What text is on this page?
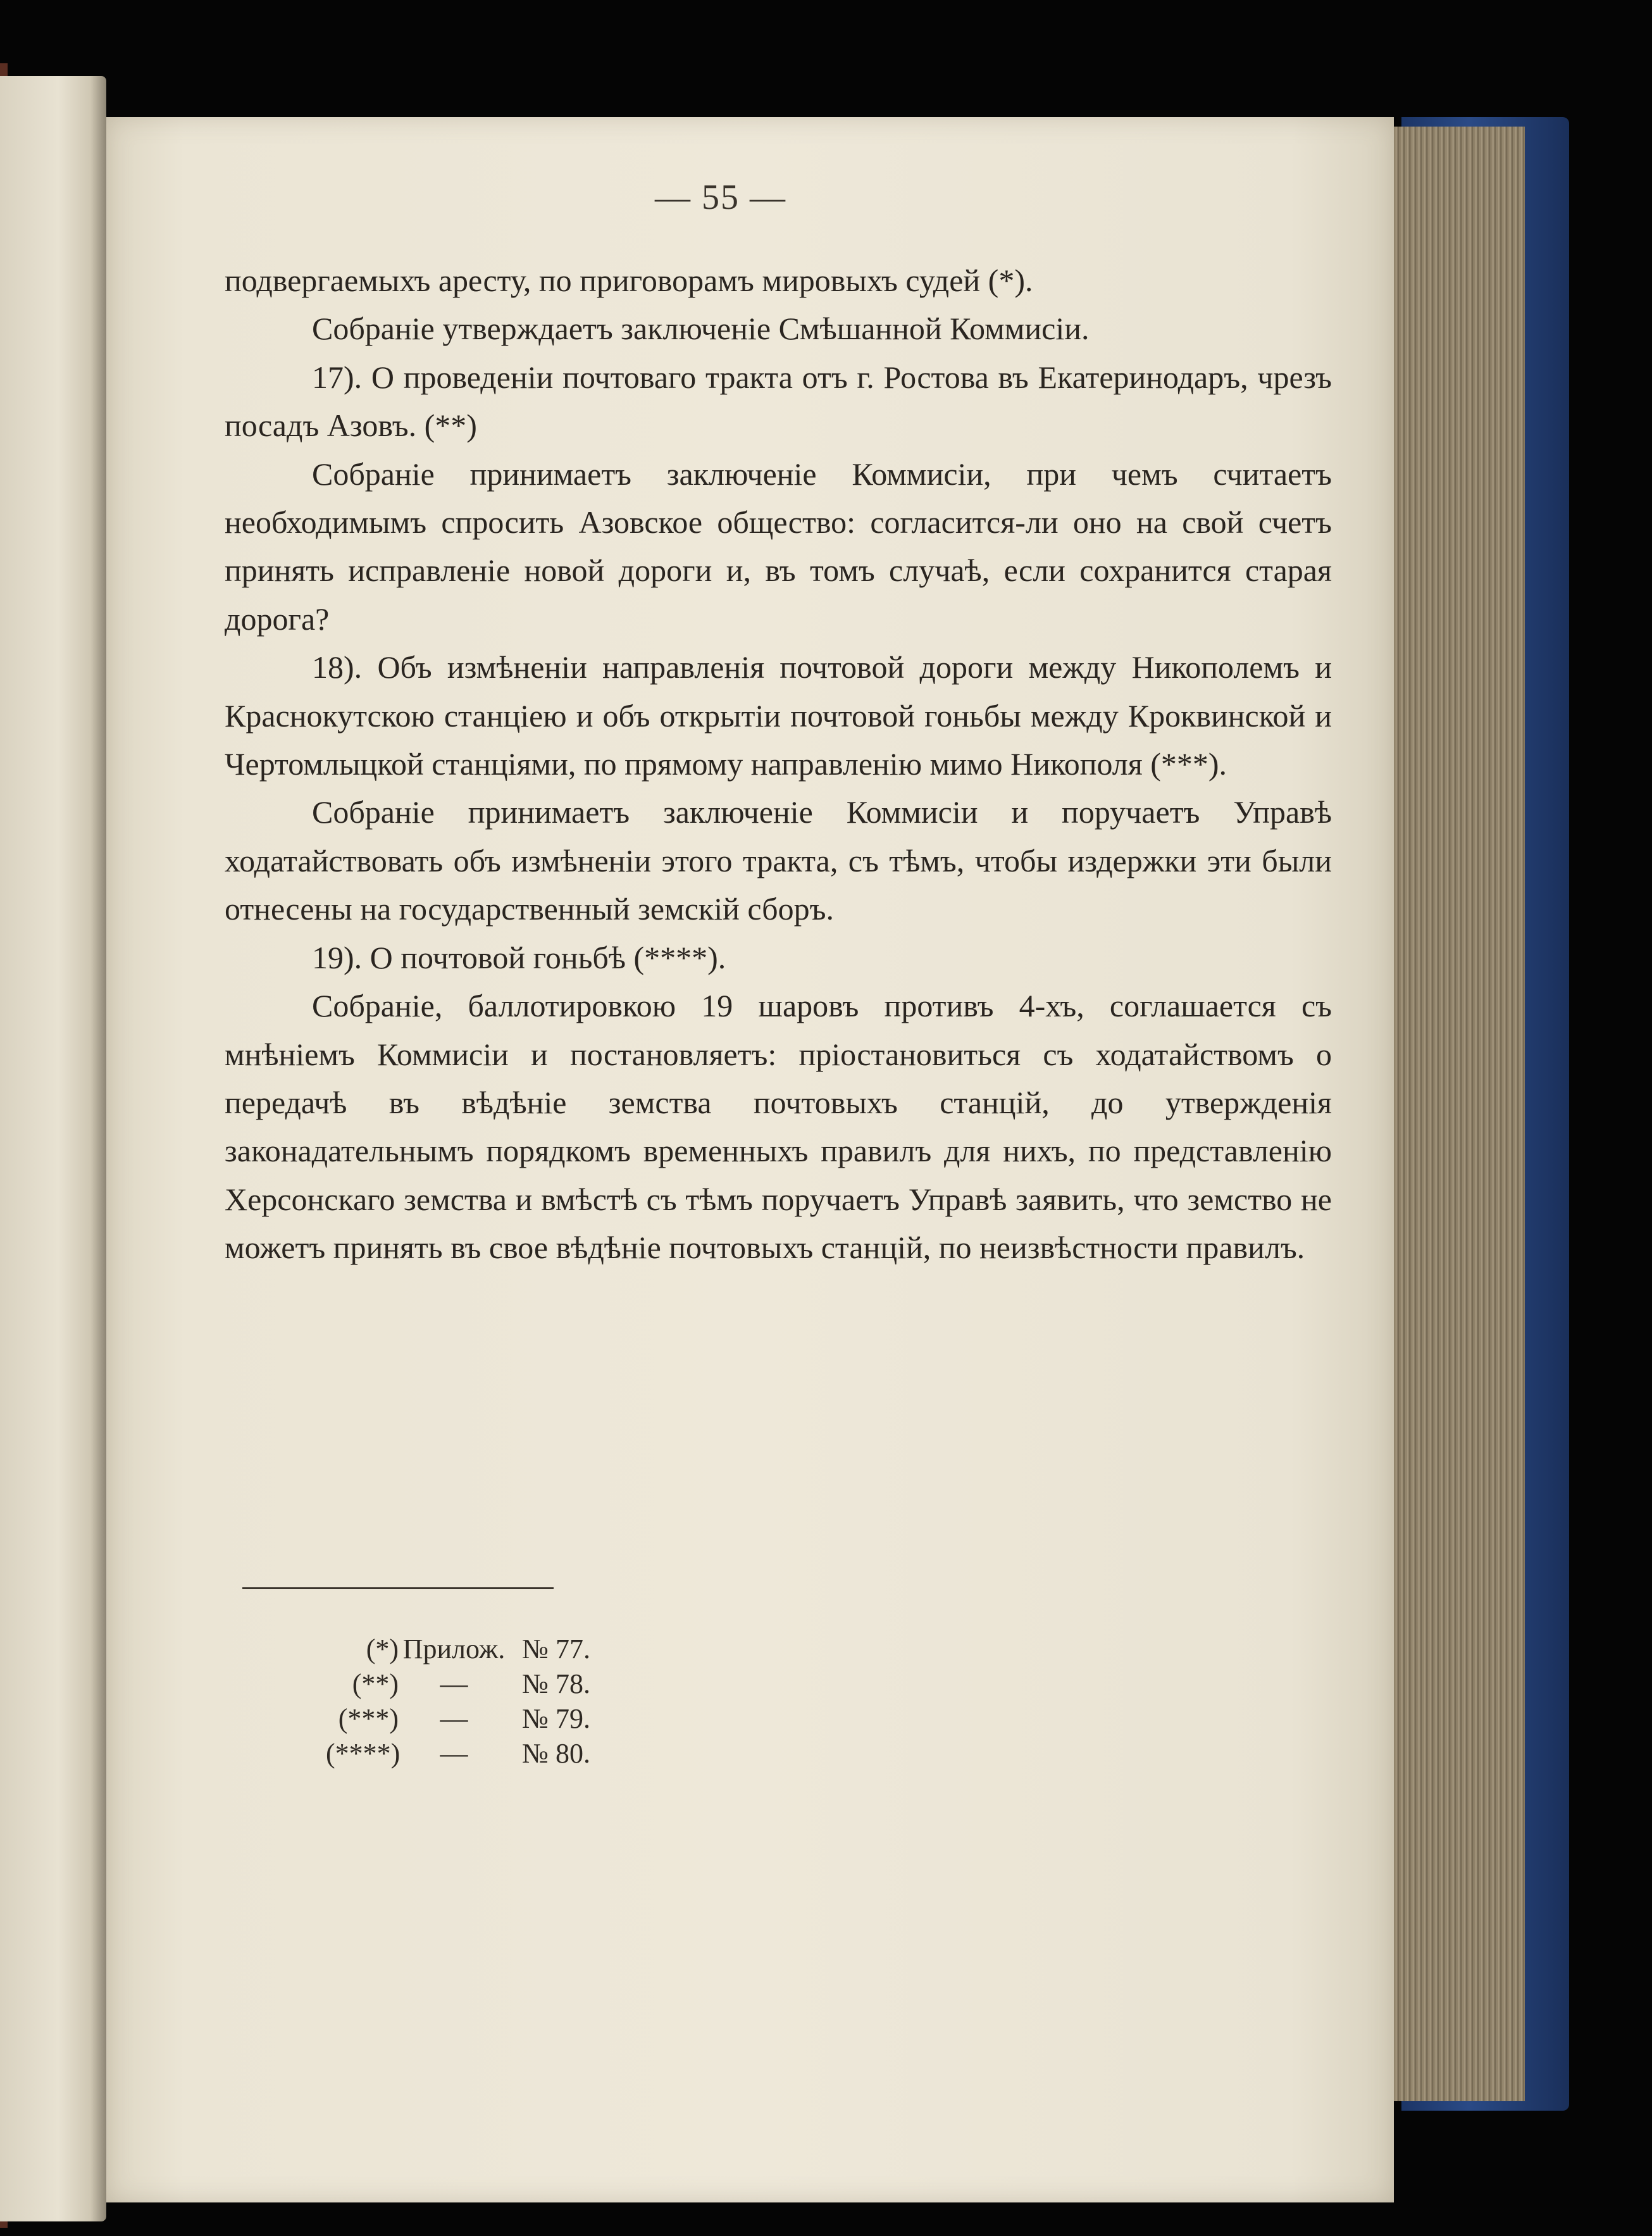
— 55 —

подвергаемыхъ аресту, по приговорамъ мировыхъ судей (*).

Собраніе утверждаетъ заключеніе Смѣшанной Коммисіи.

17). О проведеніи почтоваго тракта отъ г. Ростова въ Екатеринодаръ, чрезъ посадъ Азовъ. (**)

Собраніе принимаетъ заключеніе Коммисіи, при чемъ считаетъ необходимымъ спросить Азовское общество: согласится-ли оно на свой счетъ принять исправленіе новой дороги и, въ томъ случаѣ, если сохранится старая дорога?

18). Объ измѣненіи направленія почтовой дороги между Никополемъ и Краснокутскою станціею и объ открытіи почтовой гоньбы между Кроквинской и Чертомлыцкой станціями, по прямому направленію мимо Никополя (***).

Собраніе принимаетъ заключеніе Коммисіи и поручаетъ Управѣ ходатайствовать объ измѣненіи этого тракта, съ тѣмъ, чтобы издержки эти были отнесены на государственный земскій сборъ.

19). О почтовой гоньбѣ (****).

Собраніе, баллотировкою 19 шаровъ противъ 4-хъ, соглашается съ мнѣніемъ Коммисіи и постановляетъ: пріостановиться съ ходатайствомъ о передачѣ въ вѣдѣніе земства почтовыхъ станцій, до утвержденія законадательнымъ порядкомъ временныхъ правилъ для нихъ, по представленію Херсонскаго земства и вмѣстѣ съ тѣмъ поручаетъ Управѣ заявить, что земство не можетъ принять въ свое вѣдѣніе почтовыхъ станцій, по неизвѣстности правилъ.

(*) Прилож. № 77.
(**)	—	№ 78.
(***)	—	№ 79.
(****)	—	№ 80.
